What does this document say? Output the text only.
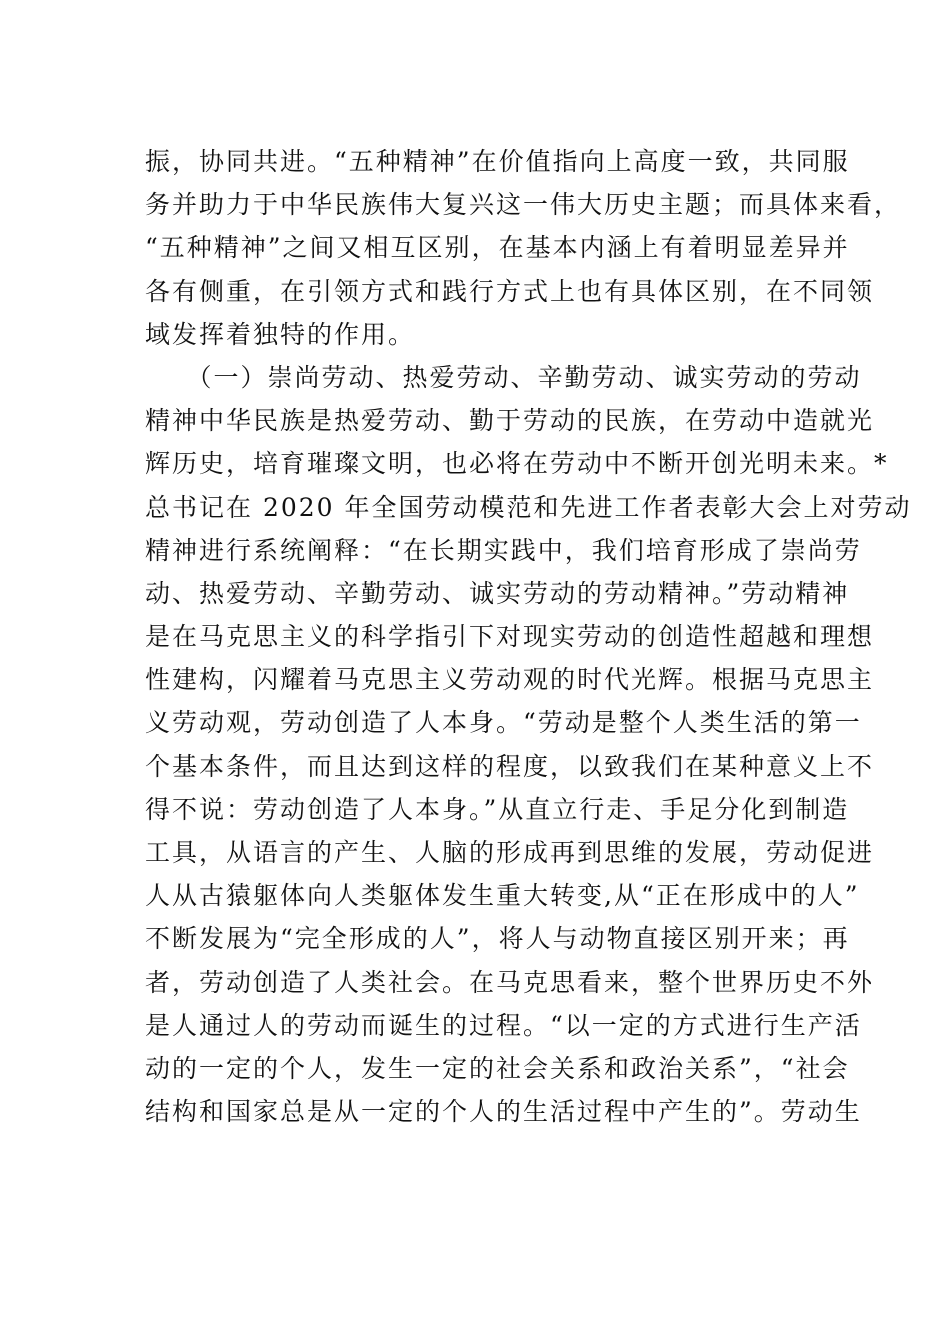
振，协同共进。“五种精神”在价值指向上高度一致，共同服
务并助力于中华民族伟大复兴这一伟大历史主题；而具体来看，
“五种精神”之间又相互区别，在基本内涵上有着明显差异并
各有侧重，在引领方式和践行方式上也有具体区别，在不同领
域发挥着独特的作用。
　　（一）崇尚劳动、热爱劳动、辛勤劳动、诚实劳动的劳动
精神中华民族是热爱劳动、勤于劳动的民族，在劳动中造就光
辉历史，培育璀璨文明，也必将在劳动中不断开创光明未来。*
总书记在 2020 年全国劳动模范和先进工作者表彰大会上对劳动
精神进行系统阐释：“在长期实践中，我们培育形成了崇尚劳
动、热爱劳动、辛勤劳动、诚实劳动的劳动精神。”劳动精神
是在马克思主义的科学指引下对现实劳动的创造性超越和理想
性建构，闪耀着马克思主义劳动观的时代光辉。根据马克思主
义劳动观，劳动创造了人本身。“劳动是整个人类生活的第一
个基本条件，而且达到这样的程度，以致我们在某种意义上不
得不说：劳动创造了人本身。”从直立行走、手足分化到制造
工具，从语言的产生、人脑的形成再到思维的发展，劳动促进
人从古猿躯体向人类躯体发生重大转变,从“正在形成中的人”
不断发展为“完全形成的人”，将人与动物直接区别开来；再
者，劳动创造了人类社会。在马克思看来，整个世界历史不外
是人通过人的劳动而诞生的过程。“以一定的方式进行生产活
动的一定的个人，发生一定的社会关系和政治关系”，“社会
结构和国家总是从一定的个人的生活过程中产生的”。劳动生
